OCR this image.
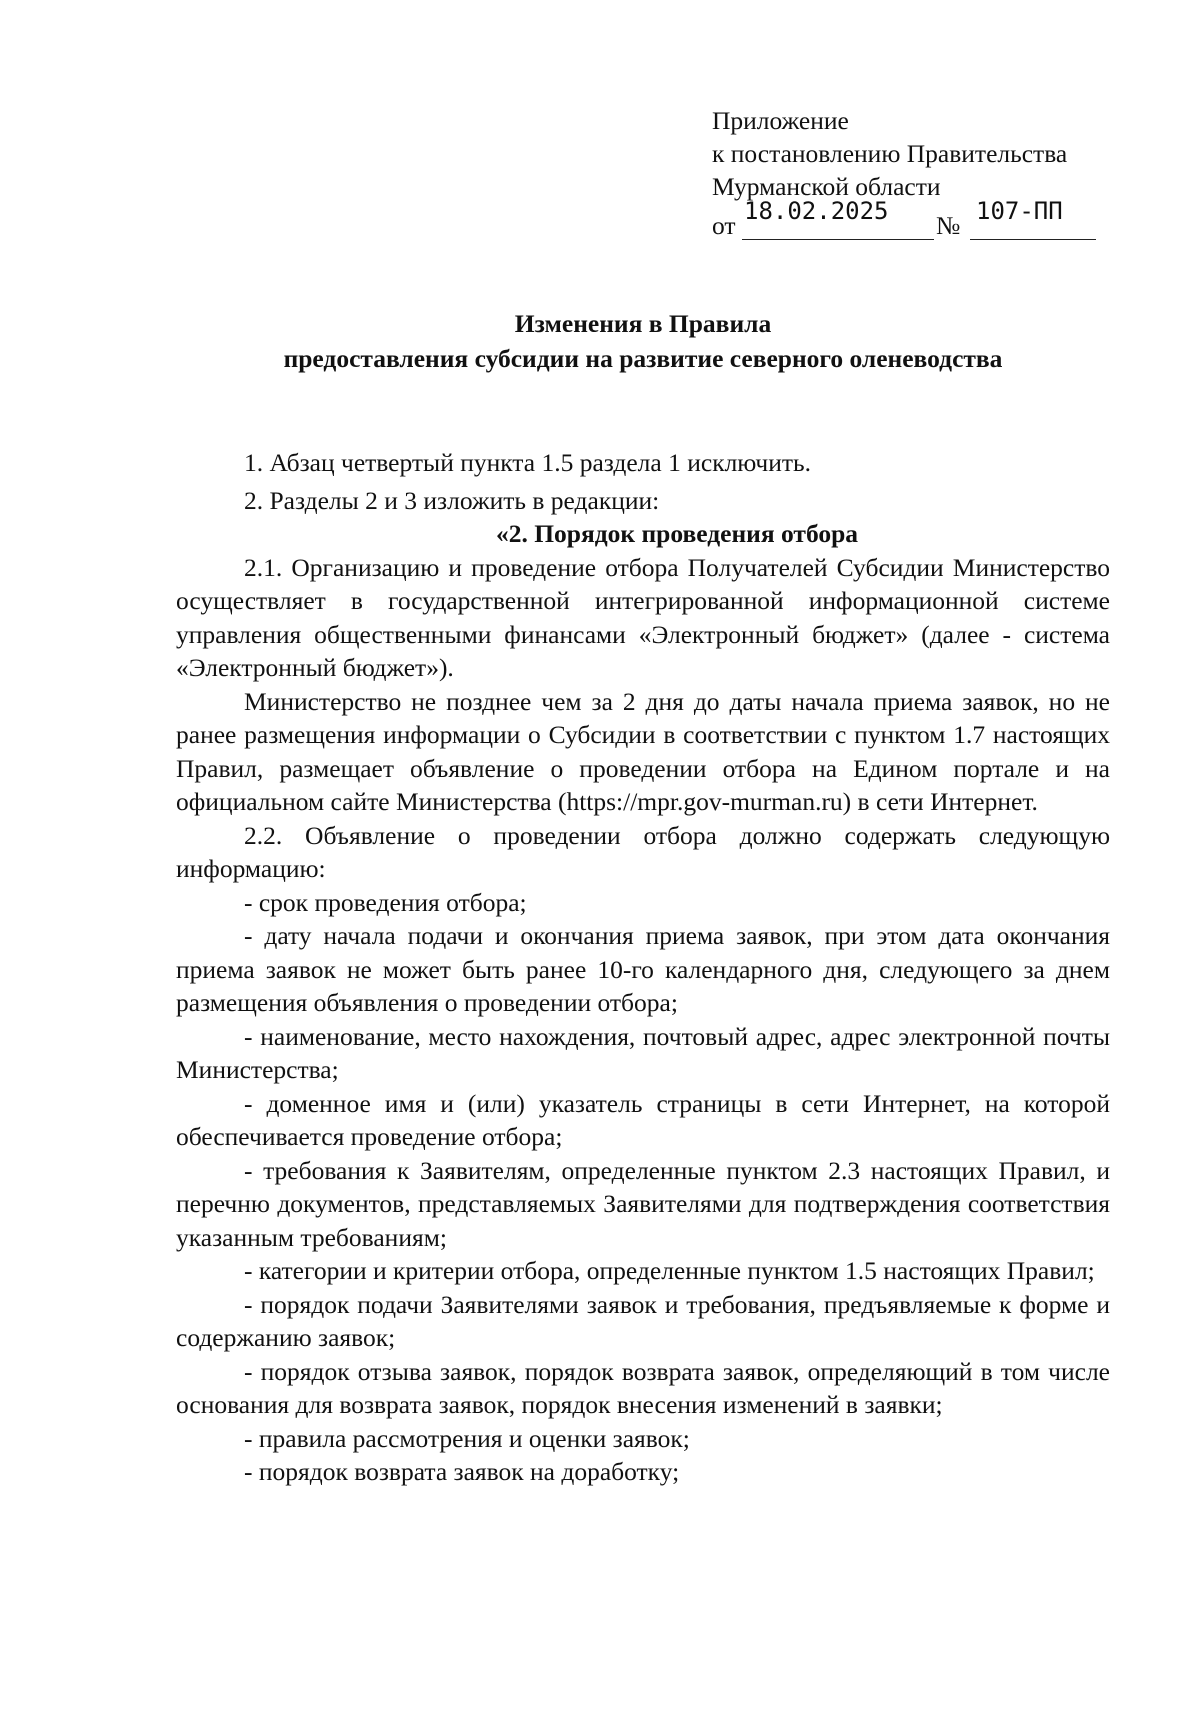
Приложение
к постановлению Правительства
Мурманской области
от 18.02.2025 № 107-ПП
Изменения в Правила
предоставления субсидии на развитие северного оленеводства

1. Абзац четвертый пункта 1.5 раздела 1 исключить.

2. Разделы 2 и 3 изложить в редакции:

«2. Порядок проведения отбора

2.1. Организацию и проведение отбора Получателей Субсидии Министерство осуществляет в государственной интегрированной информационной системе управления общественными финансами «Электронный бюджет» (далее - система «Электронный бюджет»).

Министерство не позднее чем за 2 дня до даты начала приема заявок, но не ранее размещения информации о Субсидии в соответствии с пунктом 1.7 настоящих Правил, размещает объявление о проведении отбора на Едином портале и на официальном сайте Министерства (https://mpr.gov-murman.ru) в сети Интернет.

2.2. Объявление о проведении отбора должно содержать следующую информацию:

- срок проведения отбора;

- дату начала подачи и окончания приема заявок, при этом дата окончания приема заявок не может быть ранее 10-го календарного дня, следующего за днем размещения объявления о проведении отбора;

- наименование, место нахождения, почтовый адрес, адрес электронной почты Министерства;

- доменное имя и (или) указатель страницы в сети Интернет, на которой обеспечивается проведение отбора;

- требования к Заявителям, определенные пунктом 2.3 настоящих Правил, и перечню документов, представляемых Заявителями для подтверждения соответствия указанным требованиям;

- категории и критерии отбора, определенные пунктом 1.5 настоящих Правил;

- порядок подачи Заявителями заявок и требования, предъявляемые к форме и содержанию заявок;

- порядок отзыва заявок, порядок возврата заявок, определяющий в том числе основания для возврата заявок, порядок внесения изменений в заявки;

- правила рассмотрения и оценки заявок;

- порядок возврата заявок на доработку;
